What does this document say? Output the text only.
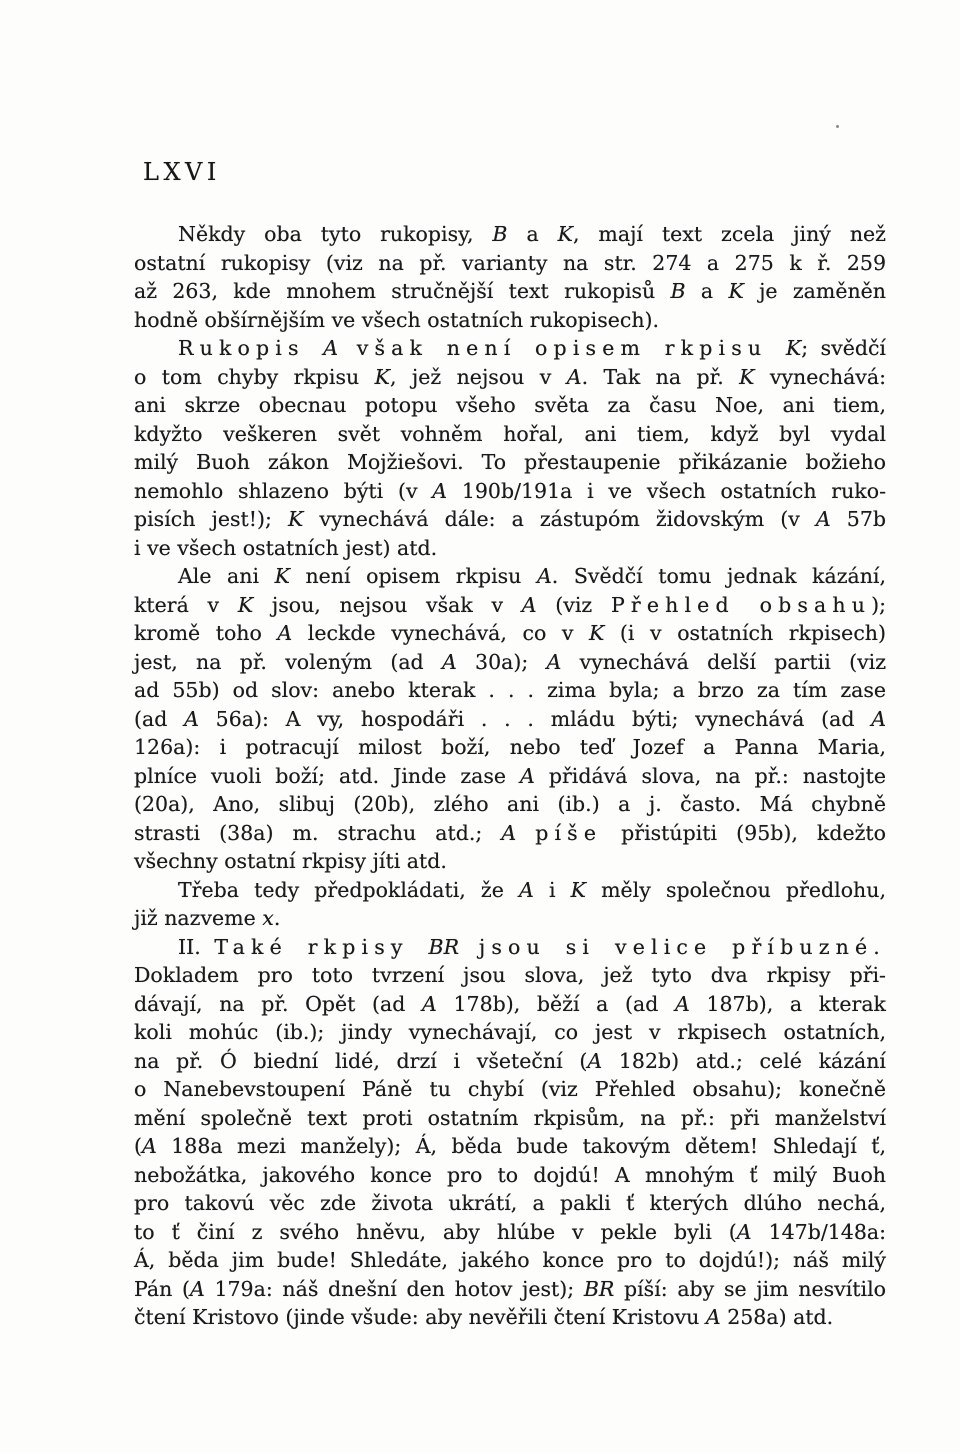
LXVI
Někdy oba tyto rukopisy, B a K, mají text zcela jiný než
ostatní rukopisy (viz na př. varianty na str. 274 a 275 k ř. 259
až 263, kde mnohem stručnější text rukopisů B a K je zaměněn
hodně obšírnějším ve všech ostatních rukopisech).
Rukopis A však není opisem rkpisu K; svědčí
o tom chyby rkpisu K, jež nejsou v A. Tak na př. K vynechává:
ani skrze obecnau potopu všeho světa za času Noe, ani tiem,
kdyžto veškeren svět vohněm hořal, ani tiem, když byl vydal
milý Buoh zákon Mojžiešovi. To přestaupenie přikázanie božieho
nemohlo shlazeno býti (v A 190b/191a i ve všech ostatních ruko-
pisích jest!); K vynechává dále: a zástupóm židovským (v A 57b
i ve všech ostatních jest) atd.
Ale ani K není opisem rkpisu A. Svědčí tomu jednak kázání,
která v K jsou, nejsou však v A (viz Přehled obsahu);
kromě toho A leckde vynechává, co v K (i v ostatních rkpisech)
jest, na př. voleným (ad A 30a); A vynechává delší partii (viz
ad 55b) od slov: anebo kterak . . . zima byla; a brzo za tím zase
(ad A 56a): A vy, hospodáři . . . mládu býti; vynechává (ad A
126a): i potracují milost boží, nebo teď Jozef a Panna Maria,
plníce vuoli boží; atd. Jinde zase A přidává slova, na př.: nastojte
(20a), Ano, slibuj (20b), zlého ani (ib.) a j. často. Má chybně
strasti (38a) m. strachu atd.; A píše přistúpiti (95b), kdežto
všechny ostatní rkpisy jíti atd.
Třeba tedy předpokládati, že A i K měly společnou předlohu,
již nazveme x.
II. Také rkpisy BR jsou si velice příbuzné.
Dokladem pro toto tvrzení jsou slova, jež tyto dva rkpisy při-
dávají, na př. Opět (ad A 178b), běží a (ad A 187b), a kterak
koli mohúc (ib.); jindy vynechávají, co jest v rkpisech ostatních,
na př. Ó biední lidé, drzí i všeteční (A 182b) atd.; celé kázání
o Nanebevstoupení Páně tu chybí (viz Přehled obsahu); konečně
mění společně text proti ostatním rkpisům, na př.: při manželství
(A 188a mezi manžely); Á, běda bude takovým dětem! Shledají ť,
nebožátka, jakového konce pro to dojdú! A mnohým ť milý Buoh
pro takovú věc zde života ukrátí, a pakli ť kterých dlúho nechá,
to ť činí z svého hněvu, aby hlúbe v pekle byli (A 147b/148a:
Á, běda jim bude! Shledáte, jakého konce pro to dojdú!); náš milý
Pán (A 179a: náš dnešní den hotov jest); BR píší: aby se jim nesvítilo
čtení Kristovo (jinde všude: aby nevěřili čtení Kristovu A 258a) atd.
